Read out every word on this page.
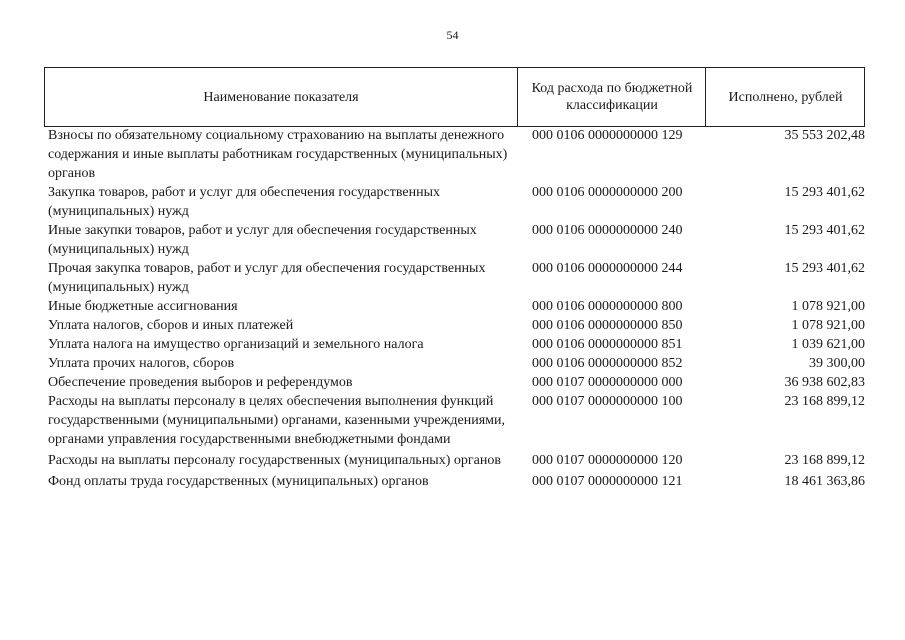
54
Наименование показателя
Код расхода по бюджетной классификации
Исполнено, рублей
Взносы по обязательному социальному страхованию на выплаты денежного содержания и иные выплаты работникам государственных (муниципальных) органов
000 0106 0000000000 129	35 553 202,48
Закупка товаров, работ и услуг для обеспечения государственных (муниципальных) нужд
000 0106 0000000000 200	15 293 401,62
Иные закупки товаров, работ и услуг для обеспечения государственных (муниципальных) нужд
000 0106 0000000000 240	15 293 401,62
Прочая закупка товаров, работ и услуг для обеспечения государственных (муниципальных) нужд
000 0106 0000000000 244	15 293 401,62
Иные бюджетные ассигнования	000 0106 0000000000 800	1 078 921,00
Уплата налогов, сборов и иных платежей	000 0106 0000000000 850	1 078 921,00
Уплата налога на имущество организаций и земельного налога	000 0106 0000000000 851	1 039 621,00
Уплата прочих налогов, сборов	000 0106 0000000000 852	39 300,00
Обеспечение проведения выборов и референдумов	000 0107 0000000000 000	36 938 602,83
Расходы на выплаты персоналу в целях обеспечения выполнения функций государственными (муниципальными) органами, казенными учреждениями, органами управления государственными внебюджетными фондами
000 0107 0000000000 100	23 168 899,12
Расходы на выплаты персоналу государственных (муниципальных) органов	000 0107 0000000000 120	23 168 899,12
Фонд оплаты труда государственных (муниципальных) органов	000 0107 0000000000 121	18 461 363,86
